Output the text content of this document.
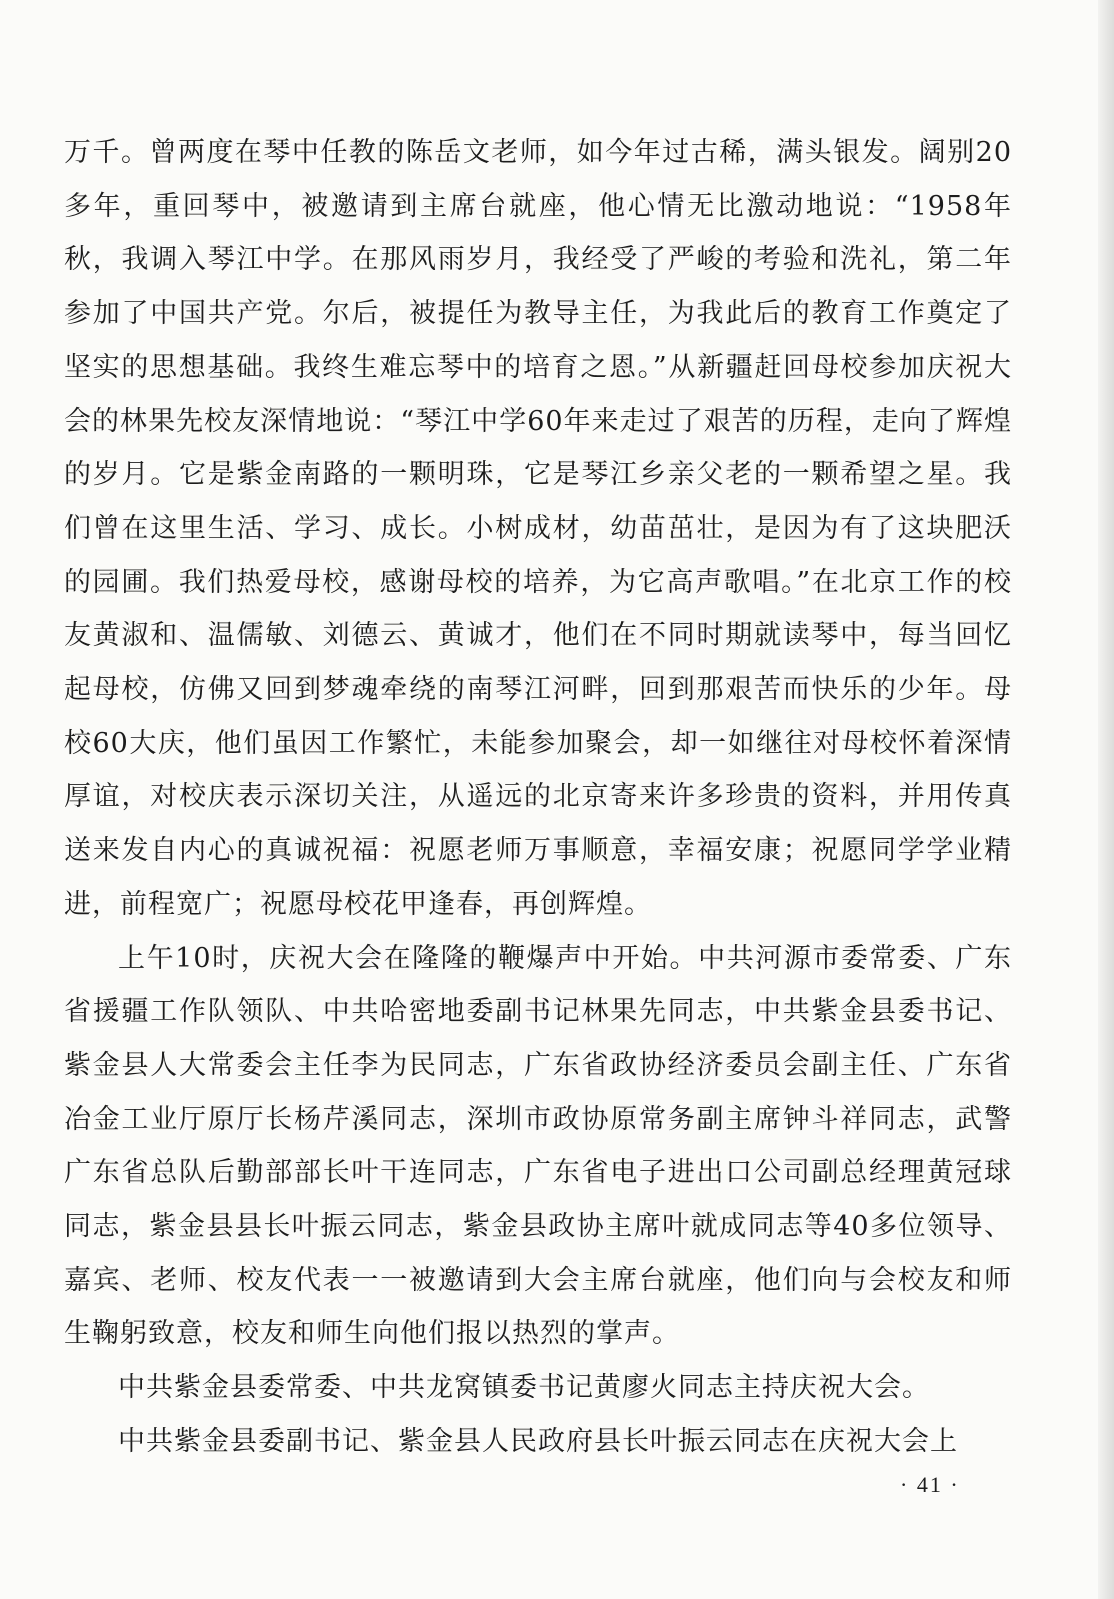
万千。曾两度在琴中任教的陈岳文老师，如今年过古稀，满头银发。阔别20多年，重回琴中，被邀请到主席台就座，他心情无比激动地说：“1958年秋，我调入琴江中学。在那风雨岁月，我经受了严峻的考验和洗礼，第二年参加了中国共产党。尔后，被提任为教导主任，为我此后的教育工作奠定了坚实的思想基础。我终生难忘琴中的培育之恩。”从新疆赶回母校参加庆祝大会的林果先校友深情地说：“琴江中学60年来走过了艰苦的历程，走向了辉煌的岁月。它是紫金南路的一颗明珠，它是琴江乡亲父老的一颗希望之星。我们曾在这里生活、学习、成长。小树成材，幼苗茁壮，是因为有了这块肥沃的园圃。我们热爱母校，感谢母校的培养，为它高声歌唱。”在北京工作的校友黄淑和、温儒敏、刘德云、黄诚才，他们在不同时期就读琴中，每当回忆起母校，仿佛又回到梦魂牵绕的南琴江河畔，回到那艰苦而快乐的少年。母校60大庆，他们虽因工作繁忙，未能参加聚会，却一如继往对母校怀着深情厚谊，对校庆表示深切关注，从遥远的北京寄来许多珍贵的资料，并用传真送来发自内心的真诚祝福：祝愿老师万事顺意，幸福安康；祝愿同学学业精进，前程宽广；祝愿母校花甲逢春，再创辉煌。

上午10时，庆祝大会在隆隆的鞭爆声中开始。中共河源市委常委、广东省援疆工作队领队、中共哈密地委副书记林果先同志，中共紫金县委书记、紫金县人大常委会主任李为民同志，广东省政协经济委员会副主任、广东省冶金工业厅原厅长杨芹溪同志，深圳市政协原常务副主席钟斗祥同志，武警广东省总队后勤部部长叶干连同志，广东省电子进出口公司副总经理黄冠球同志，紫金县县长叶振云同志，紫金县政协主席叶就成同志等40多位领导、嘉宾、老师、校友代表一一被邀请到大会主席台就座，他们向与会校友和师生鞠躬致意，校友和师生向他们报以热烈的掌声。

中共紫金县委常委、中共龙窝镇委书记黄廖火同志主持庆祝大会。

中共紫金县委副书记、紫金县人民政府县长叶振云同志在庆祝大会上

· 41 ·
